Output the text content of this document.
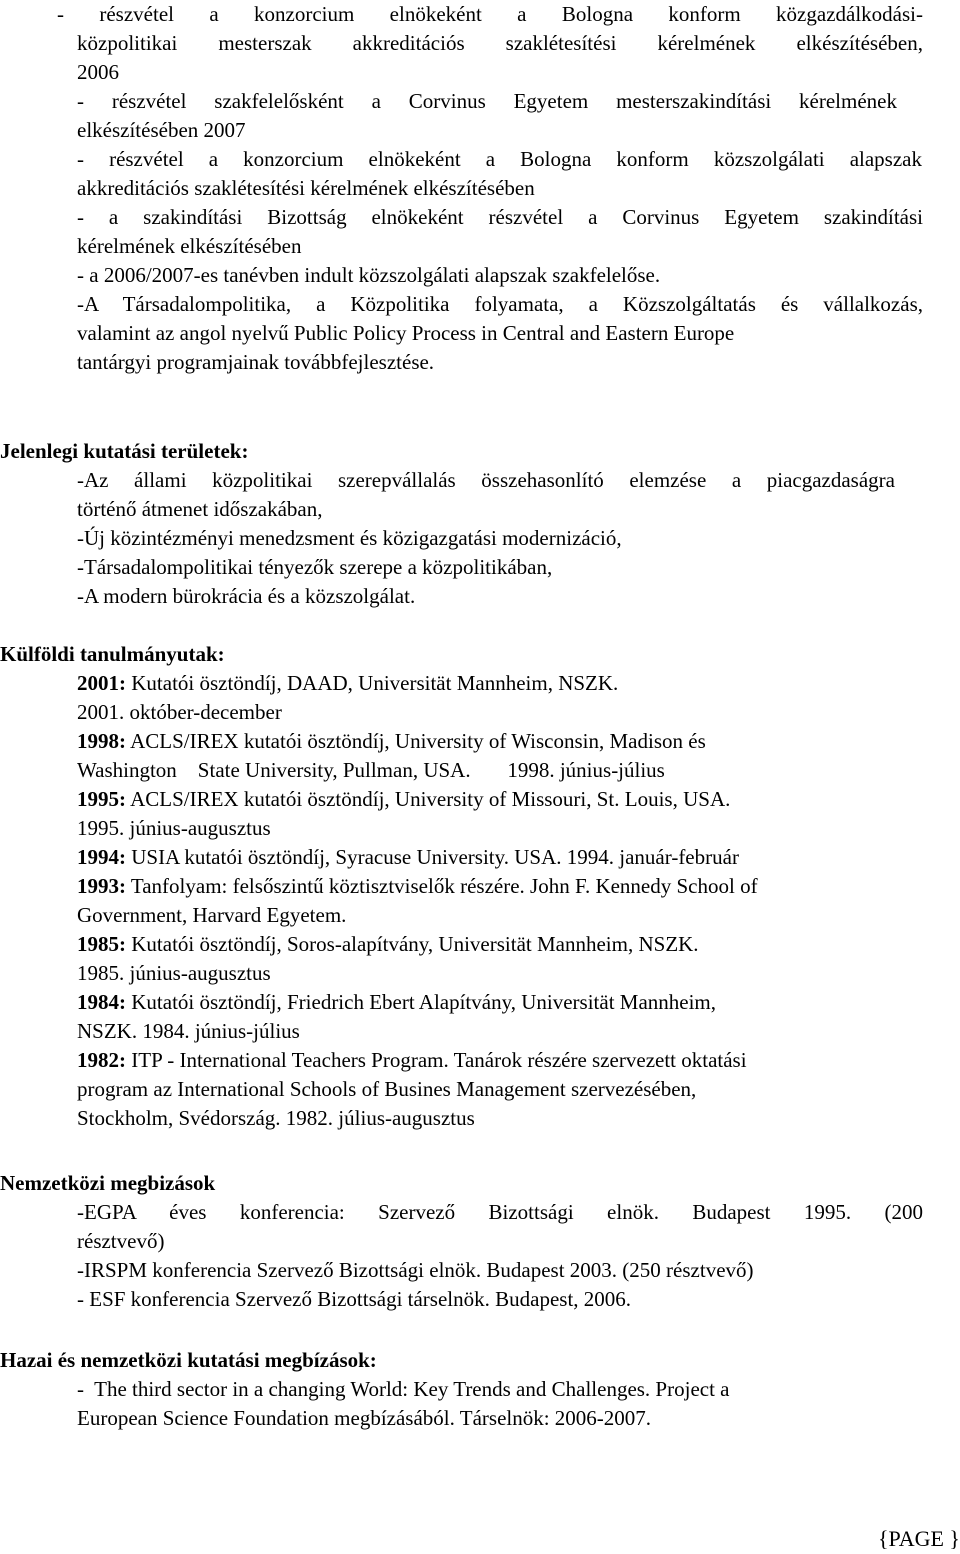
- részvétel a konzorcium elnökeként a Bologna konform közgazdálkodási-
közpolitikai mesterszak akkreditációs szaklétesítési kérelmének elkészítésében,
2006
- részvétel szakfelelősként a Corvinus Egyetem mesterszakindítási kérelmének
elkészítésében 2007
- részvétel a konzorcium elnökeként a Bologna konform közszolgálati alapszak
akkreditációs szaklétesítési kérelmének elkészítésében
- a szakindítási Bizottság elnökeként részvétel a Corvinus Egyetem szakindítási
kérelmének elkészítésében
- a 2006/2007-es tanévben indult közszolgálati alapszak szakfelelőse.
-A Társadalompolitika, a Közpolitika folyamata, a Közszolgáltatás és vállalkozás,
valamint az angol nyelvű Public Policy Process in Central and Eastern Europe
tantárgyi programjainak továbbfejlesztése.
Jelenlegi kutatási területek:
-Az állami közpolitikai szerepvállalás összehasonlító elemzése a piacgazdaságra
történő átmenet időszakában,
-Új közintézményi menedzsment és közigazgatási modernizáció,
-Társadalompolitikai tényezők szerepe a közpolitikában,
-A modern bürokrácia és a közszolgálat.
Külföldi tanulmányutak:
2001: Kutatói ösztöndíj, DAAD, Universität Mannheim, NSZK.
2001. október-december
1998: ACLS/IREX kutatói ösztöndíj, University of Wisconsin, Madison és
Washington    State University, Pullman, USA.       1998. június-július
1995: ACLS/IREX kutatói ösztöndíj, University of Missouri, St. Louis, USA.
1995. június-augusztus
1994: USIA kutatói ösztöndíj, Syracuse University. USA. 1994. január-február
1993: Tanfolyam: felsőszintű köztisztviselők részére. John F. Kennedy School of
Government, Harvard Egyetem.
1985: Kutatói ösztöndíj, Soros-alapítvány, Universität Mannheim, NSZK.
1985. június-augusztus
1984: Kutatói ösztöndíj, Friedrich Ebert Alapítvány, Universität Mannheim,
NSZK. 1984. június-július
1982: ITP - International Teachers Program. Tanárok részére szervezett oktatási
program az International Schools of Busines Management szervezésében,
Stockholm, Svédország. 1982. július-augusztus
Nemzetközi megbizások
-EGPA éves konferencia: Szervező Bizottsági elnök. Budapest 1995. (200
résztvevő)
-IRSPM konferencia Szervező Bizottsági elnök. Budapest 2003. (250 résztvevő)
- ESF konferencia Szervező Bizottsági társelnök. Budapest, 2006.
Hazai és nemzetközi kutatási megbízások:
-  The third sector in a changing World: Key Trends and Challenges. Project a
European Science Foundation megbízásából. Társelnök: 2006-2007.
{PAGE }
